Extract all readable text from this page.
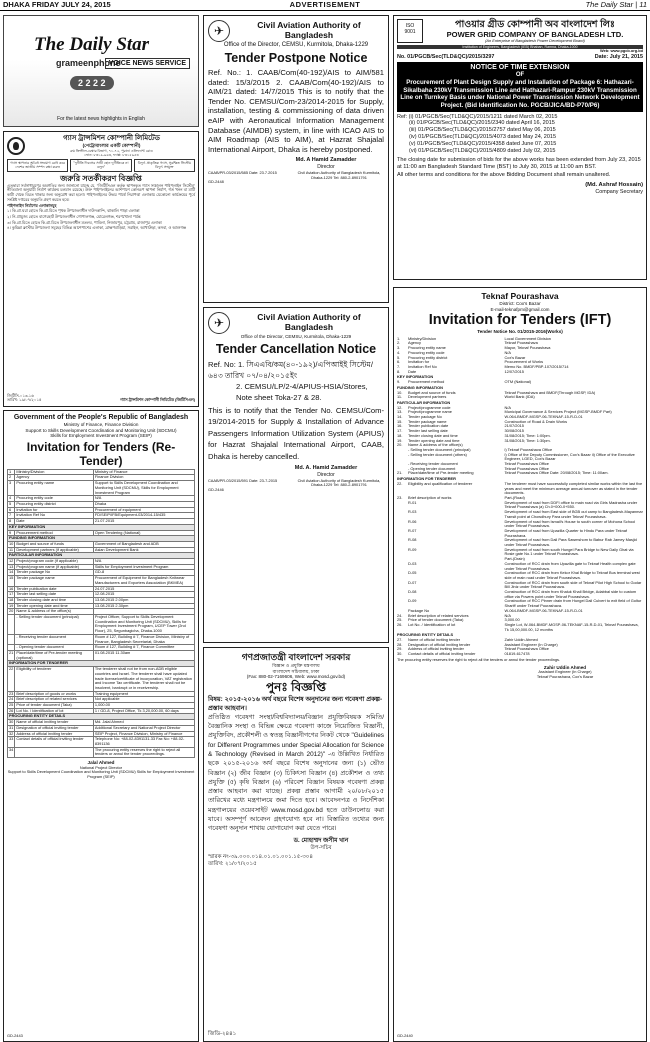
DHAKA FRIDAY JULY 24, 2015	ADVERTISEMENT	The Daily Star | 11
The Daily Star
grameenphone
VOICE NEWS SERVICE
2 2 2 2
For the latest news highlights in English
গ্যাস ট্রান্সমিশন কোম্পানী লিমিটেড
(পেট্রোবাংলার একটি কোম্পানী)
রুম ক্রিস্টাল-চেম্বার বিভাগ, ৭১-৭২, পুরানা এলিফ্যান্ট রোড
ফোন: ৮৩১৯-৯৬৩, ফ্যাক্স: ৮৩১৫৯৫৩
গ্যাস স্থাপনার অবৈধ সংযোগ রোধ করে দেশের জাতীয় সম্পদ রক্ষা করুন
"দুর্নীতি দিবসের সাথী হোন দুর্নীতিকে না বলুন"
বিদ্যুৎ প্রাকৃতিক গ্যাস, সুরক্ষিত সিস্টেম বিদ্যুৎ সংযুক্ত
জরুরি সতর্কীকরণ বিজ্ঞপ্তি
এতদ্বারা সর্বসাধারণের অবগতির জন্য জানানো যাচ্ছে যে, "জিটিসিএল কর্তৃক স্থাপনকৃত গ্যাস সঞ্চালন পাইপলাইন সিস্টেম" নীতিমালা অনুযায়ী নির্মাণ কার্যক্রম চলমান রয়েছে। উক্ত পাইপলাইনের আশপাশে কোনরূপ স্থাপনা নির্মাণ, গর্ত খনন বা মাটি কাটা থেকে বিরত থাকার জন্য অনুরোধ করা হলো। পাইপলাইনের উভয় পার্শ্বে নিরাপত্তা এলাকায় যেকোনো কার্যক্রমের পূর্বে সংশ্লিষ্ট দপ্তরের অনুমতি গ্রহণ করতে হবে।
পাইপলাইন নির্মাণের এলাকাসমূহ
১। কি.গ্রা.ঘরা হোতে কি.গ্রা.মিতে পৃথক উপজেলাধীন দাউদকান্দি, ঝাকালি পাড়া এলাকা
২। নি-প্রায়ুজ্য হোতে বাগেরহাট উপজেলাধীন গোপালগঞ্জ, মোরেলগঞ্জ, শরণখোলা পর্যন্ত
৩। কি.গ্রা.মিতে হোতে কি.গ্রা.মিতে উপজেলাধীন মতলব, পাবিলা, নিজামপুর, চট্টগ্রাম, রাজাপুর এলাকা
৪। কুমিল্লা ক্লাস্টার উপজেলা সমূহের বিভিন্ন আশেপাশের এলাকা, ব্রাহ্মণবাড়িয়া, সরাইল, আখাউড়া, কসবা, ও আশুগঞ্জ
জিটিসি-০১৩-১৬
তারিখ: ১৯/০৭/২০১৫	গ্যাস ট্রান্সমিশন কোম্পানী লিমিটেড (জিটিসিএল)
Government of the People's Republic of Bangladesh
Ministry of Finance, Finance Division
Support to Skills Development Coordination and Monitoring Unit (SDCMU)
Skills for Employment Investment Program (SEIP)
Invitation for Tenders (Re-Tender)
1	Ministry/Division	Ministry of Finance
2	Agency	Finance Division
3	Procuring entity name	Support to Skills Development Coordination and Monitoring Unit (SDCMU), Skills for Employment Investment Program
4	Procuring entity code	N/A
5	Procuring entity district	Dhaka
6	Invitation for	Procurement of equipment
7	Invitation Ref No	FD/SEIP/IFB/Equipment-03/2014-15/435
8	Date	21.07.2015
KEY INFORMATION		
9	Procurement method	Open Tendering (National)
FUNDING INFORMATION		
10	Budget and source of funds	Government of Bangladesh and ADB
11	Development partners (if applicable)	Asian Development Bank
PARTICULAR INFORMATION		
12	Project/program code (if applicable)	N/A
13	Project/program name (if applicable)	Skills for Employment Investment Program
14	Tender package No	GD-8
15	Tender package name	Procurement of Equipment for Bangladesh Knitwear Manufacturers and Exporters Association (BKMEA)
16	Tender publication date	24.07.2015
17	Tender last selling date	12.08.2015
18	Tender closing date and time	13.08.2015 2.00pm
19	Tender opening date and time	13.08.2015 2.30pm
20	Name & address of the office(s)	
	- Selling tender document (principal)	Project Officer, Support to Skills Development Coordination and Monitoring Unit (SDCMU), Skills for Employment Investment Program, UCEP Tower (2nd Floor), 25, Segunbagicha, Dhaka-1000
	- Receiving tender document	Room # 127, Building # 7, Finance Division, Ministry of Finance, Bangladesh Secretariat, Dhaka
	- Opening tender document	Room # 127, Building # 7, Finance Committee
21	Place/date/time of Pre-tender meeting (optional)	01.08.2015 11.30am
INFORMATION FOR TENDERER		
22	Eligibility of tenderer	The tenderer shall not be from non-ADB eligible countries and Israel. The tenderer shall have updated trade license/certificate of incorporation, VAT registration and Income Tax certificate. The tenderer shall not be insolvent, bankrupt or in receivership.
23	Brief description of goods or works	Training equipment
24	Brief description of related services	Not applicable
25	Price of tender document (Taka)	1,000.00
26	Lot No. / Identification of lot	1 / GD-8, Project Office, Tk 3,20,000.00, 60 days
PROCURING ENTITY DETAILS		
30	Name of official inviting tender	Md. Jalal Ahmed
31	Designation of official inviting tender	Additional Secretary and National Project Director
32	Address of official inviting tender	SEIP Project, Finance Division, Ministry of Finance
33	Contact details of official inviting tender	Telephone No: +88-02-8391131-33 Fax No: +88-02-8391136
34		The procuring entity reserves the right to reject all tenders or annul the tender proceedings.
Jalal Ahmed
National Project Director
Support to Skills Development Coordination and Monitoring Unit (SDCMU) Skills for Employment Investment Program (SEIP)
GD-2443
✈	Civil Aviation Authority of Bangladesh
Office of the Director, CEMSU, Kurmitola, Dhaka-1229
Tender Postpone Notice
Ref. No.: 1. CAAB/Com(40-192)/AIS to AIM/581 dated: 15/3/2015 2. CAAB/Com(40-192)/AIS to AIM/21 dated: 14/7/2015 This is to notify that the Tender No. CEMSU/Com-23/2014-2015 for Supply, installation, testing & commissioning of data driven eAIP with Aeronautical Information Management Database (AIMDB) system, in line with ICAO AIS to AIM Roadmap (AIS to AIM), at Hazrat Shajalal International Airport, Dhaka is hereby postponed.
Md. A Hamid Zamadder
Director
CAAB/PR-03/2015/585 Date: 23.7.2015	Civil Aviation Authority of Bangladesh Kurmitola, Dhaka-1229 Tel: 880-2-8901791
GD-2448
✈	Civil Aviation Authority of Bangladesh
Office of the Director, CEMSU, Kurmitola, Dhaka-1229
Tender Cancellation Notice
Ref. No: 1. সিএএবি/কম(৪০-১৯২)/এপিআইই সিস্টেম/৬৪৩ তারিখ ০৭/০৪/২০১৫ইং
2. CEMSU/LP/2-4/APIUS-HSIA/Stores, Note sheet Toka-27 & 28.
This is to notify that the Tender No. CEMSU/Com-19/2014-2015 for Supply & Installation of Advance Passengers Information Utilization System (APIUS) for Hazrat Shajalal International Airport, CAAB, Dhaka is hereby cancelled.
Md. A. Hamid Zamadder
Director
CAAB/PR-03/2015/591 Date: 23-7-2015	Civil Aviation Authority of Bangladesh Kurmitola, Dhaka-1229 Tel: 880-2-8901791
GD-2446
গণপ্রজাতন্ত্রী বাংলাদেশ সরকার
বিজ্ঞান ও প্রযুক্তি মন্ত্রণালয়
বাংলাদেশ সচিবালয়, ঢাকা
(Fax: 880-02-7169606, Web: www.mosd.gov.bd)
পুনঃ বিজ্ঞপ্তি
বিষয়: ২০১৫-২০১৬ অর্থ বছরে বিশেষ অনুদানের জন্য গবেষণা প্রকল্প-প্রস্তাব আহবান।
প্রতিষ্ঠিত গবেষণা সংস্থা/বিশ্ববিদ্যালয়/বিজ্ঞান প্রযুক্তিবিষয়ক সমিতি/বৈজ্ঞানিক সংস্থা ও বিভিন্ন ক্ষেত্রে গবেষণা কাজে নিয়োজিত বিজ্ঞানী, প্রযুক্তিবিদ, প্রকৌশলী ও স্বতন্ত্র বিজ্ঞানীগণের নিকট থেকে "Guidelines for Different Programmes under Special Allocation for Science & Technology (Revised in March 2012)" -এ উল্লিখিত নির্ধারিত ছকে ২০১৫-২০১৬ অর্থ বছরে বিশেষ অনুদানের জন্য (১) ভৌত বিজ্ঞান (২) জীব বিজ্ঞান (৩) চিকিৎসা বিজ্ঞান (৪) প্রকৌশল ও তথ্য প্রযুক্তি (৫) কৃষি বিজ্ঞান (৬) পরিবেশ বিজ্ঞান বিষয়ক গবেষণা প্রকল্প প্রস্তাব আহবান করা যাচ্ছে। প্রকল্প প্রস্তাব আগামী ২০/০৮/২০১৫ তারিখের মধ্যে মন্ত্রণালয়ে জমা দিতে হবে। আবেদনপত্র ও নির্দেশিকা মন্ত্রণালয়ের ওয়েবসাইট www.mosd.gov.bd হতে ডাউনলোড করা যাবে। অসম্পূর্ণ আবেদন গ্রহণযোগ্য হবে না। বিস্তারিত তথ্যের জন্য গবেষণা অনুদান শাখায় যোগাযোগ করা যেতে পারে।
ড. মোহাম্মদ জসীম খান
উপ-সচিব
স্মারক নং-৩৯.০০০.০১৪.০১.০১.০০১.১৫-৩০৪
তারিখ: ২১/০৭/২০১৫
জিডি-২৪৪১
ISO
9001
পাওয়ার গ্রীড কোম্পানী অব বাংলাদেশ লিঃ
POWER GRID COMPANY OF BANGLADESH LTD.
(An Enterprise of Bangladesh Power Development Board)
Institution of Engineers, Bangladesh (IEB) Bhaban, Ramna, Dhaka-1000
Web: www.pgcb.org.bd
No. 01/PGCB/Sec(TLD&QC)/2015/3297	Date: July 21, 2015
NOTICE OF TIME EXTENSION
OF
Procurement of Plant Design Supply and Installation of Package 6: Hathazari-Sikalbaha 230kV Transmission Line and Hathazari-Rampur 230kV Transmission Line on Turnkey Basis under National Power Transmission Network Development Project. (Bid Identification No. PGCB/JICA/BD-P70/P6)
Ref: (i) 01/PGCB/Sec(TLD&QC)/2015/1211 dated March 02, 2015
(ii) 01/PGCB/Sec(TLD&QC)/2015/2340 dated April 16, 2015
(iii) 01/PGCB/Sec(TLD&QC)/2015/2757 dated May 06, 2015
(iv) 01/PGCB/Sec(TLD&QC)/2015/4073 dated May 24, 2015
(v) 01/PGCB/Sec(TLD&QC)/2015/4358 dated June 07, 2015
(vi) 01/PGCB/Sec(TLD&QC)/2015/4809 dated July 02, 2015
The closing date for submission of bids for the above works has been extended from July 23, 2015 at 11:00 am Bangladesh Standard Time (BST) to July 30, 2015 at 11:00 am BST.
All other terms and conditions for the above Bidding Document shall remain unaltered.
(Md. Ashraf Hossain)
Company Secretary
Teknaf Pourashava
District: Cox's Bazar
E-mail-teknafpm@gmail.com
Invitation for Tenders (IFT)
Tender Notice No. 01/2015-2016(Works)
1.	Ministry/Division	Local Government Division
2.	Agency	Teknaf Pourashava
3.	Procuring entity name	Mayor, Teknaf Pourashava
4.	Procuring entity code	N/A
5.	Procuring entity district	Cox's Bazar
6.	Invitation for	Procurement of Works
7.	Invitation Ref No	Memo No. BMDF/PBP-107/2015/714
8.	Date	12/07/2015
KEY INFORMATION
9.	Procurement method	OTM (National)
FUNDING INFORMATION
10.	Budget and source of funds	Teknaf Pourashava and BMDF(Through MGSP, IDA)
11.	Development partners	World Bank (IDA)
PARTICULAR INFORMATION
12.	Project/programme code	N/A
13.	Project/programme name	Municipal Governance & Services Project (MGSP-BMDF Part)
14.	Tender package No	W-064-BMDF-MGSP-06-TEKNAF-15-R-D-01
15.	Tender package name	Construction of Road & Drain Works
16.	Tender publication date	21/07/2015
17.	Tender last selling date	30/08/2015
18.	Tender closing date and time	31/08/2015; Time: 1:00pm.
19.	Tender opening date and time	31/08/2015; Time: 1:30pm.
20.	Name & address of the office(s)
- Selling tender document (principal)	i) Teknaf Pourashava Office
- Selling tender document (others)	i) Office of the Deputy Commissioner, Cox's Bazar ii) Office of the Executive Engineer, LGED, Cox's Bazar
- Receiving tender document	Teknaf Pourashava Office
- Opening tender document	Teknaf Pourashava Office
21.	Place/date/time of Pre-tender meeting	Teknaf Pourashava Office Date: 20/08/2015; Time: 11:00am.
INFORMATION FOR TENDERER
22.	Eligibility and qualification of tenderer	The tenderer must have successfully completed similar works within the last five years and meet the minimum average annual turnover as stated in the tender documents.
23.	Brief description of works	Part-(Road)
R-01	Development of road from DDFI office to main road via Girls Madrasha under Teknaf Pourashava (a) Ch.0+000-0+550.
R-03	Development of road from East side of BGB out camp to Bangladesh-Mayanmar Transit point at Chowdhury Para under Teknaf Pourashava.
R-06	Development of road from Ismail's House to south corner of Mohona School under Teknaf Pourashava.
R-07	Development of road from Upazilla Quarter to Hindu Para under Teknaf Pourashava.
R-08	Development of road from Dail Para Sawmshom to Babur Rab Jamey Masjid under Teknaf Pourashava.
R-09	Development of road from south Hungel Para Bridge to New Daily Ghat via Rosie gate No.1 under Teknaf Pourashava.
Part-(Drain)
D-03	Construction of RCC drain from Upazilla gate to Teknaf Health complex gate under Teknaf Pourashava.
D-05	Construction of RCC drain from Kekor Khal Bridge to Teknaf Bus terminal west side of main road under Teknaf Pourashava.
D-07	Construction of RCC drain from south side of Teknaf Pilot High School to Godar Bill Jiniz under Teknaf Pourashava.
D-08	Construction of RCC drain from Khaluk Khali Bridge, Adabbal side to custom office via Powers point under Teknaf Pourashava.
D-09	Construction of RCC Pinner drain from Hungel Dail Culvert to exit field of Goltur Shariff under Teknaf Pourashava.
Package No	W-064-BMDF-MGSP-06-TEKNAF-15-R-D-01
24.	Brief description of related services	N/A
25.	Price of tender document (Taka)	3,000.00
26.	Lot No. / Identification of lot	Single Lot, W-064-BMDF-MGSP-06-TEKNAF-15-R-D-01, Teknaf Pourashava, Tk 15,00,000.00, 12 months
PROCURING ENTITY DETAILS
27.	Name of official inviting tender	Zahir Uddin Ahmed
28.	Designation of official inviting tender	Assistant Engineer (In Charge)
29.	Address of official inviting tender	Teknaf Pourashava Office
30.	Contact details of official inviting tender	01819-617478
The procuring entity reserves the right to reject all the tenders or annul the tender proceedings.
Zahir Uddin Ahmed
Assistant Engineer (In Charge)
Teknaf Pourashava, Cox's Bazar
GD-2440
